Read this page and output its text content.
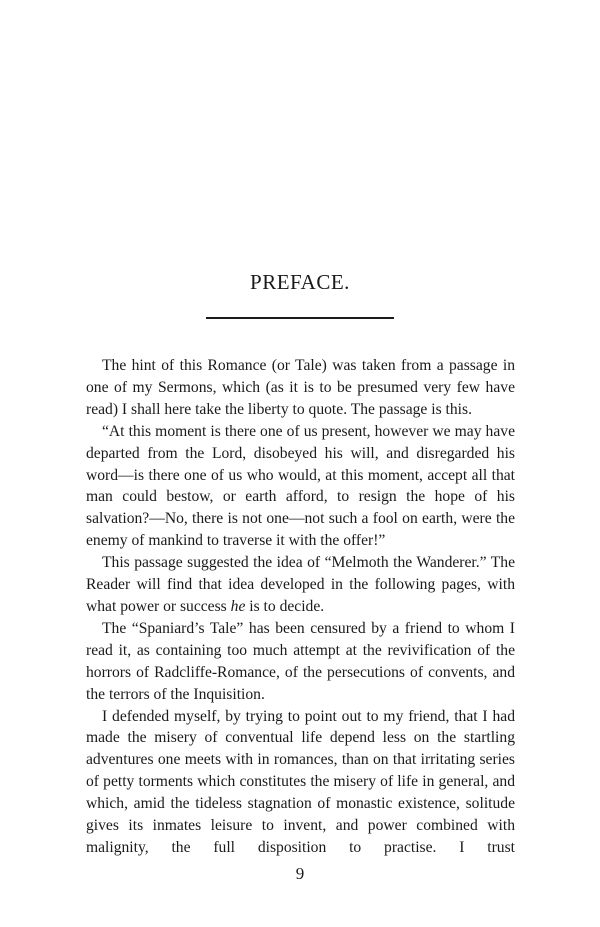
PREFACE.

The hint of this Romance (or Tale) was taken from a passage in one of my Sermons, which (as it is to be presumed very few have read) I shall here take the liberty to quote. The passage is this.

“At this moment is there one of us present, however we may have departed from the Lord, disobeyed his will, and disregarded his word—is there one of us who would, at this moment, accept all that man could bestow, or earth afford, to resign the hope of his salvation?—No, there is not one—not such a fool on earth, were the enemy of mankind to traverse it with the offer!”

This passage suggested the idea of “Melmoth the Wanderer.” The Reader will find that idea developed in the following pages, with what power or success he is to decide.

The “Spaniard’s Tale” has been censured by a friend to whom I read it, as containing too much attempt at the revivification of the horrors of Radcliffe-Romance, of the persecutions of convents, and the terrors of the Inquisition.

I defended myself, by trying to point out to my friend, that I had made the misery of conventual life depend less on the startling adventures one meets with in romances, than on that irritating series of petty torments which constitutes the misery of life in general, and which, amid the tideless stagnation of monastic existence, solitude gives its inmates leisure to invent, and power combined with malignity, the full disposition to practise. I trust

9
